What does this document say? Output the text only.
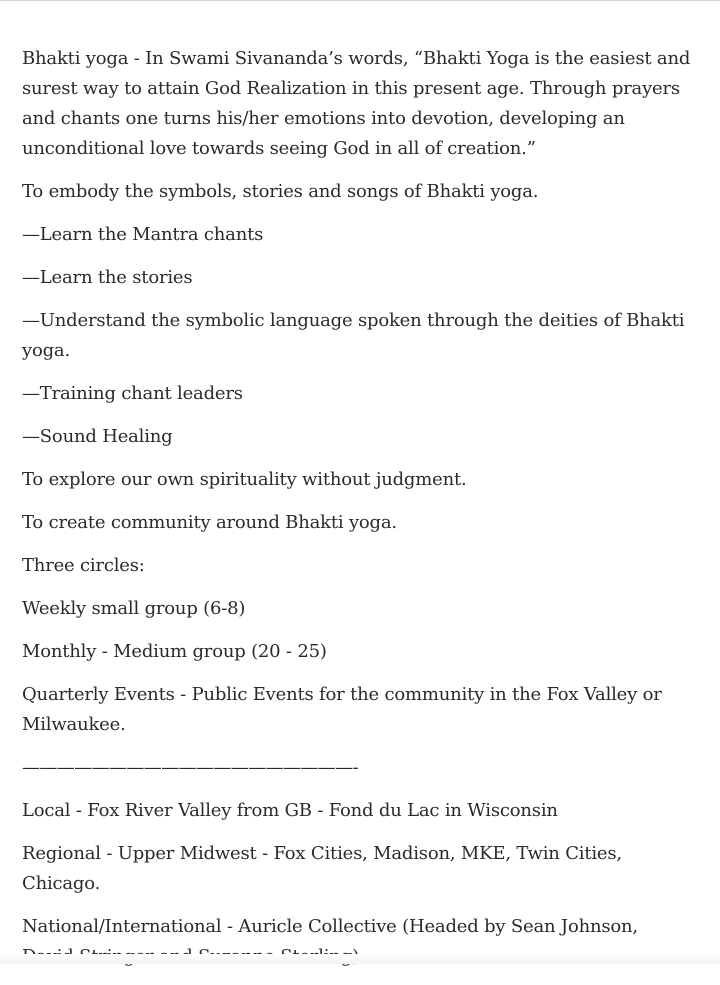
Bhakti yoga - In Swami Sivananda’s words, “Bhakti Yoga is the easiest and surest way to attain God Realization in this present age. Through prayers and chants one turns his/her emotions into devotion, developing an unconditional love towards seeing God in all of creation.”

To embody the symbols, stories and songs of Bhakti yoga.

—Learn the Mantra chants

—Learn the stories

—Understand the symbolic language spoken through the deities of Bhakti yoga.

—Training chant leaders

—Sound Healing

To explore our own spirituality without judgment.

To create community around Bhakti yoga.

Three circles:

Weekly small group (6-8)

Monthly - Medium group (20 - 25)

Quarterly Events - Public Events for the community in the Fox Valley or Milwaukee.

———————————————————-

Local - Fox River Valley from GB - Fond du Lac in Wisconsin

Regional - Upper Midwest - Fox Cities, Madison, MKE, Twin Cities, Chicago.

National/International - Auricle Collective (Headed by Sean Johnson,
